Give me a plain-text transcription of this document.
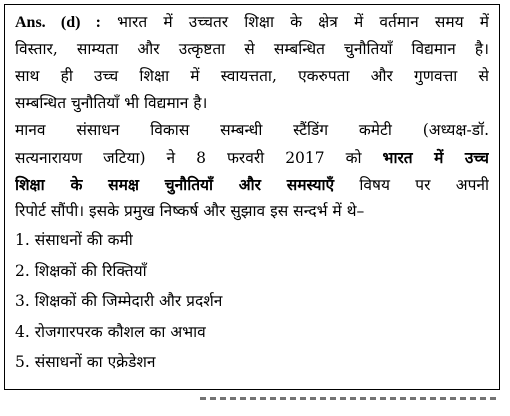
Ans. (d) : भारत में उच्चतर शिक्षा के क्षेत्र में वर्तमान समय में
विस्तार, साम्यता और उत्कृष्टता से सम्बन्धित चुनौतियाँ विद्यमान है।
साथ ही उच्च शिक्षा में स्वायत्तता, एकरुपता और गुणवत्ता से
सम्बन्धित चुनौतियाँ भी विद्यमान है।
मानव संसाधन विकास सम्बन्धी स्टैंडिंग कमेटी (अध्यक्ष-डॉ.
सत्यनारायण जटिया) ने 8 फरवरी 2017 को भारत में उच्च
शिक्षा के समक्ष चुनौतियाँ और समस्याएँ विषय पर अपनी
रिपोर्ट सौंपी। इसके प्रमुख निष्कर्ष और सुझाव इस सन्दर्भ में थे–
1. संसाधनों की कमी
2. शिक्षकों की रिक्तियाँ
3. शिक्षकों की जिम्मेदारी और प्रदर्शन
4. रोजगारपरक कौशल का अभाव
5. संसाधनों का एक्रेडेशन
